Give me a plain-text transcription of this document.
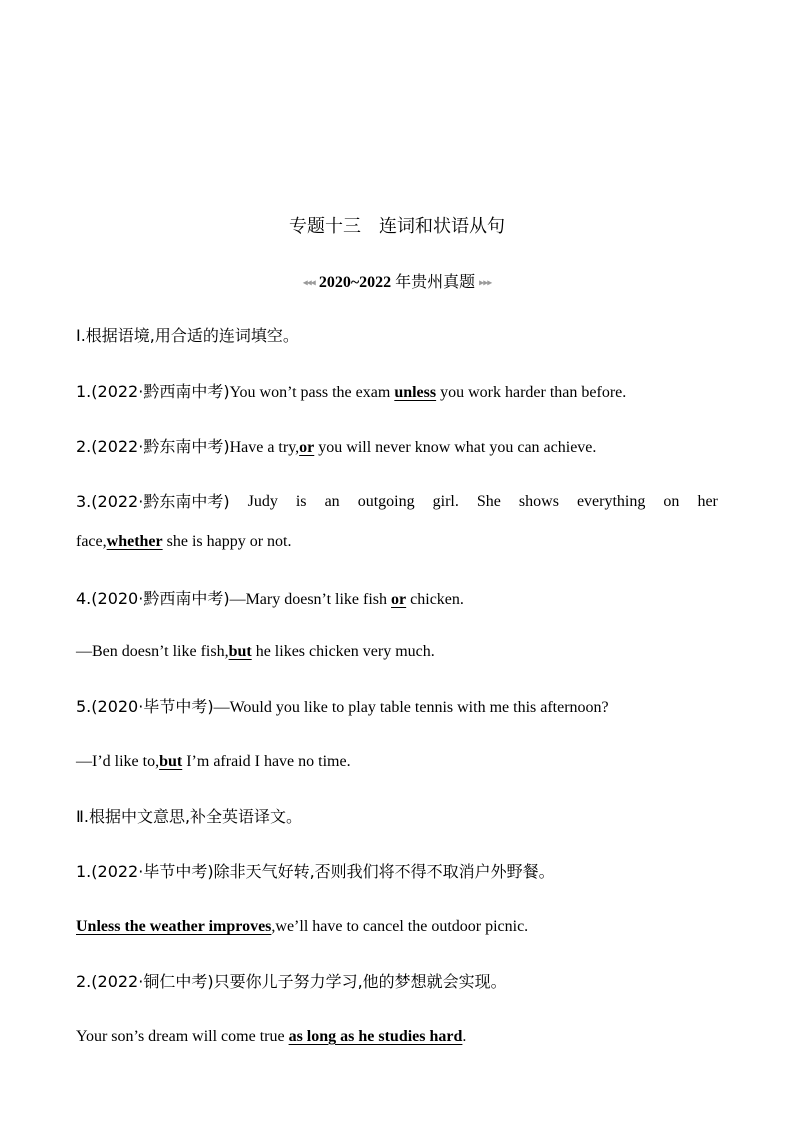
专题十三 连词和状语从句
◂◂◂ 2020~2022 年贵州真题 ▸▸▸
Ⅰ.根据语境,用合适的连词填空。
1.(2022·黔西南中考)You won’t pass the exam unless you work harder than before.
2.(2022·黔东南中考)Have a try,or you will never know what you can achieve.
3.(2022·黔东南中考) Judy is an outgoing girl. She shows everything on her
face,whether she is happy or not.
4.(2020·黔西南中考)—Mary doesn’t like fish or chicken.
—Ben doesn’t like fish,but he likes chicken very much.
5.(2020·毕节中考)—Would you like to play table tennis with me this afternoon?
—I’d like to,but I’m afraid I have no time.
Ⅱ.根据中文意思,补全英语译文。
1.(2022·毕节中考)除非天气好转,否则我们将不得不取消户外野餐。
Unless the weather improves,we’ll have to cancel the outdoor picnic.
2.(2022·铜仁中考)只要你儿子努力学习,他的梦想就会实现。
Your son’s dream will come true as long as he studies hard.
